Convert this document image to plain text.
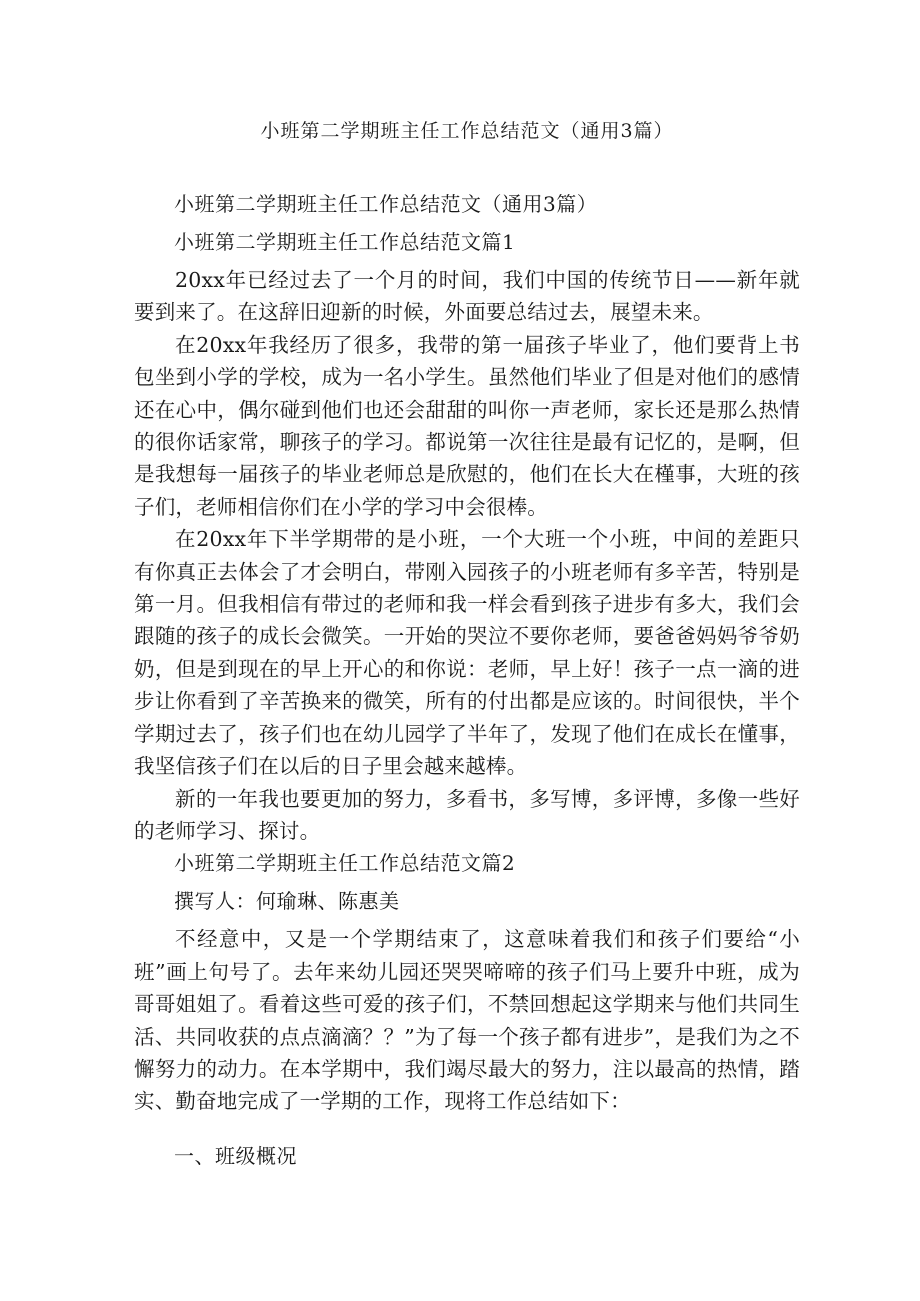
小班第二学期班主任工作总结范文（通用3篇）

小班第二学期班主任工作总结范文（通用3篇）

小班第二学期班主任工作总结范文篇1

20xx年已经过去了一个月的时间，我们中国的传统节日——新年就要到来了。在这辞旧迎新的时候，外面要总结过去，展望未来。

在20xx年我经历了很多，我带的第一届孩子毕业了，他们要背上书包坐到小学的学校，成为一名小学生。虽然他们毕业了但是对他们的感情还在心中，偶尔碰到他们也还会甜甜的叫你一声老师，家长还是那么热情的很你话家常，聊孩子的学习。都说第一次往往是最有记忆的，是啊，但是我想每一届孩子的毕业老师总是欣慰的，他们在长大在槿事，大班的孩子们，老师相信你们在小学的学习中会很棒。

在20xx年下半学期带的是小班，一个大班一个小班，中间的差距只有你真正去体会了才会明白，带刚入园孩子的小班老师有多辛苦，特别是第一月。但我相信有带过的老师和我一样会看到孩子进步有多大，我们会跟随的孩子的成长会微笑。一开始的哭泣不要你老师，要爸爸妈妈爷爷奶奶，但是到现在的早上开心的和你说：老师，早上好！孩子一点一滴的进步让你看到了辛苦换来的微笑，所有的付出都是应该的。时间很快，半个学期过去了，孩子们也在幼儿园学了半年了，发现了他们在成长在懂事，我坚信孩子们在以后的日子里会越来越棒。

新的一年我也要更加的努力，多看书，多写博，多评博，多像一些好的老师学习、探讨。

小班第二学期班主任工作总结范文篇2

撰写人：何瑜琳、陈惠美

不经意中，又是一个学期结束了，这意味着我们和孩子们要给“小班”画上句号了。去年来幼儿园还哭哭啼啼的孩子们马上要升中班，成为哥哥姐姐了。看着这些可爱的孩子们，不禁回想起这学期来与他们共同生活、共同收获的点点滴滴？？”为了每一个孩子都有进步”，是我们为之不懈努力的动力。在本学期中，我们竭尽最大的努力，注以最高的热情，踏实、勤奋地完成了一学期的工作，现将工作总结如下：

一、班级概况
